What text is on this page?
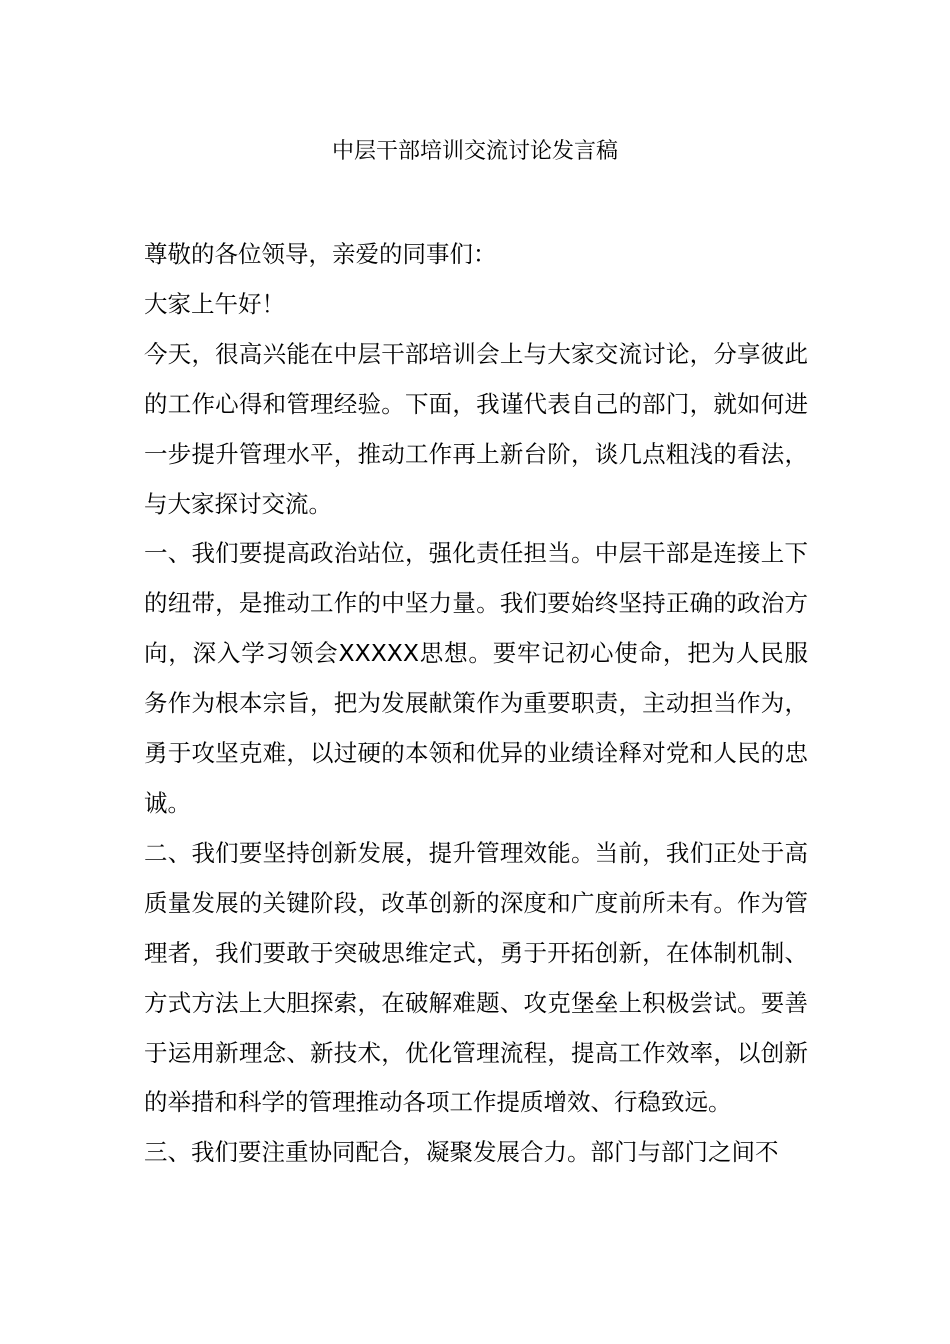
中层干部培训交流讨论发言稿

尊敬的各位领导，亲爱的同事们：

大家上午好！

今天，很高兴能在中层干部培训会上与大家交流讨论，分享彼此的工作心得和管理经验。下面，我谨代表自己的部门，就如何进一步提升管理水平，推动工作再上新台阶，谈几点粗浅的看法，与大家探讨交流。

一、我们要提高政治站位，强化责任担当。中层干部是连接上下的纽带，是推动工作的中坚力量。我们要始终坚持正确的政治方向，深入学习领会XXXXX思想。要牢记初心使命，把为人民服务作为根本宗旨，把为发展献策作为重要职责，主动担当作为，勇于攻坚克难，以过硬的本领和优异的业绩诠释对党和人民的忠诚。

二、我们要坚持创新发展，提升管理效能。当前，我们正处于高质量发展的关键阶段，改革创新的深度和广度前所未有。作为管理者，我们要敢于突破思维定式，勇于开拓创新，在体制机制、方式方法上大胆探索，在破解难题、攻克堡垒上积极尝试。要善于运用新理念、新技术，优化管理流程，提高工作效率，以创新的举措和科学的管理推动各项工作提质增效、行稳致远。

三、我们要注重协同配合，凝聚发展合力。部门与部门之间不
